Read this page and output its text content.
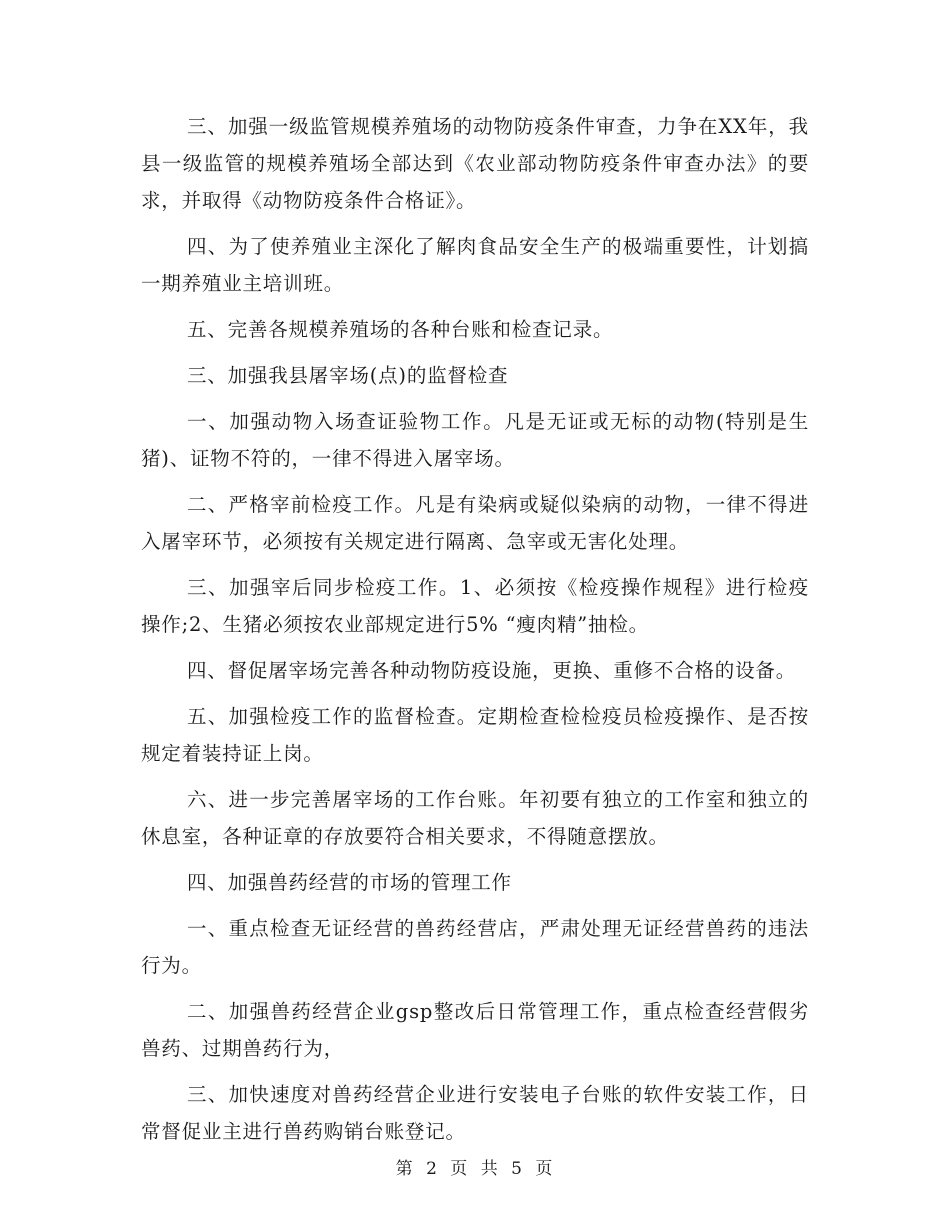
三、加强一级监管规模养殖场的动物防疫条件审查，力争在XX年，我县一级监管的规模养殖场全部达到《农业部动物防疫条件审查办法》的要求，并取得《动物防疫条件合格证》。

四、为了使养殖业主深化了解肉食品安全生产的极端重要性，计划搞一期养殖业主培训班。

五、完善各规模养殖场的各种台账和检查记录。

三、加强我县屠宰场(点)的监督检查

一、加强动物入场查证验物工作。凡是无证或无标的动物(特别是生猪)、证物不符的，一律不得进入屠宰场。

二、严格宰前检疫工作。凡是有染病或疑似染病的动物，一律不得进入屠宰环节，必须按有关规定进行隔离、急宰或无害化处理。

三、加强宰后同步检疫工作。1、必须按《检疫操作规程》进行检疫操作;2、生猪必须按农业部规定进行5% “瘦肉精”抽检。

四、督促屠宰场完善各种动物防疫设施，更换、重修不合格的设备。

五、加强检疫工作的监督检查。定期检查检检疫员检疫操作、是否按规定着装持证上岗。

六、进一步完善屠宰场的工作台账。年初要有独立的工作室和独立的休息室，各种证章的存放要符合相关要求，不得随意摆放。

四、加强兽药经营的市场的管理工作

一、重点检查无证经营的兽药经营店，严肃处理无证经营兽药的违法行为。

二、加强兽药经营企业gsp整改后日常管理工作，重点检查经营假劣兽药、过期兽药行为，

三、加快速度对兽药经营企业进行安装电子台账的软件安装工作，日常督促业主进行兽药购销台账登记。

第 2 页 共 5 页
